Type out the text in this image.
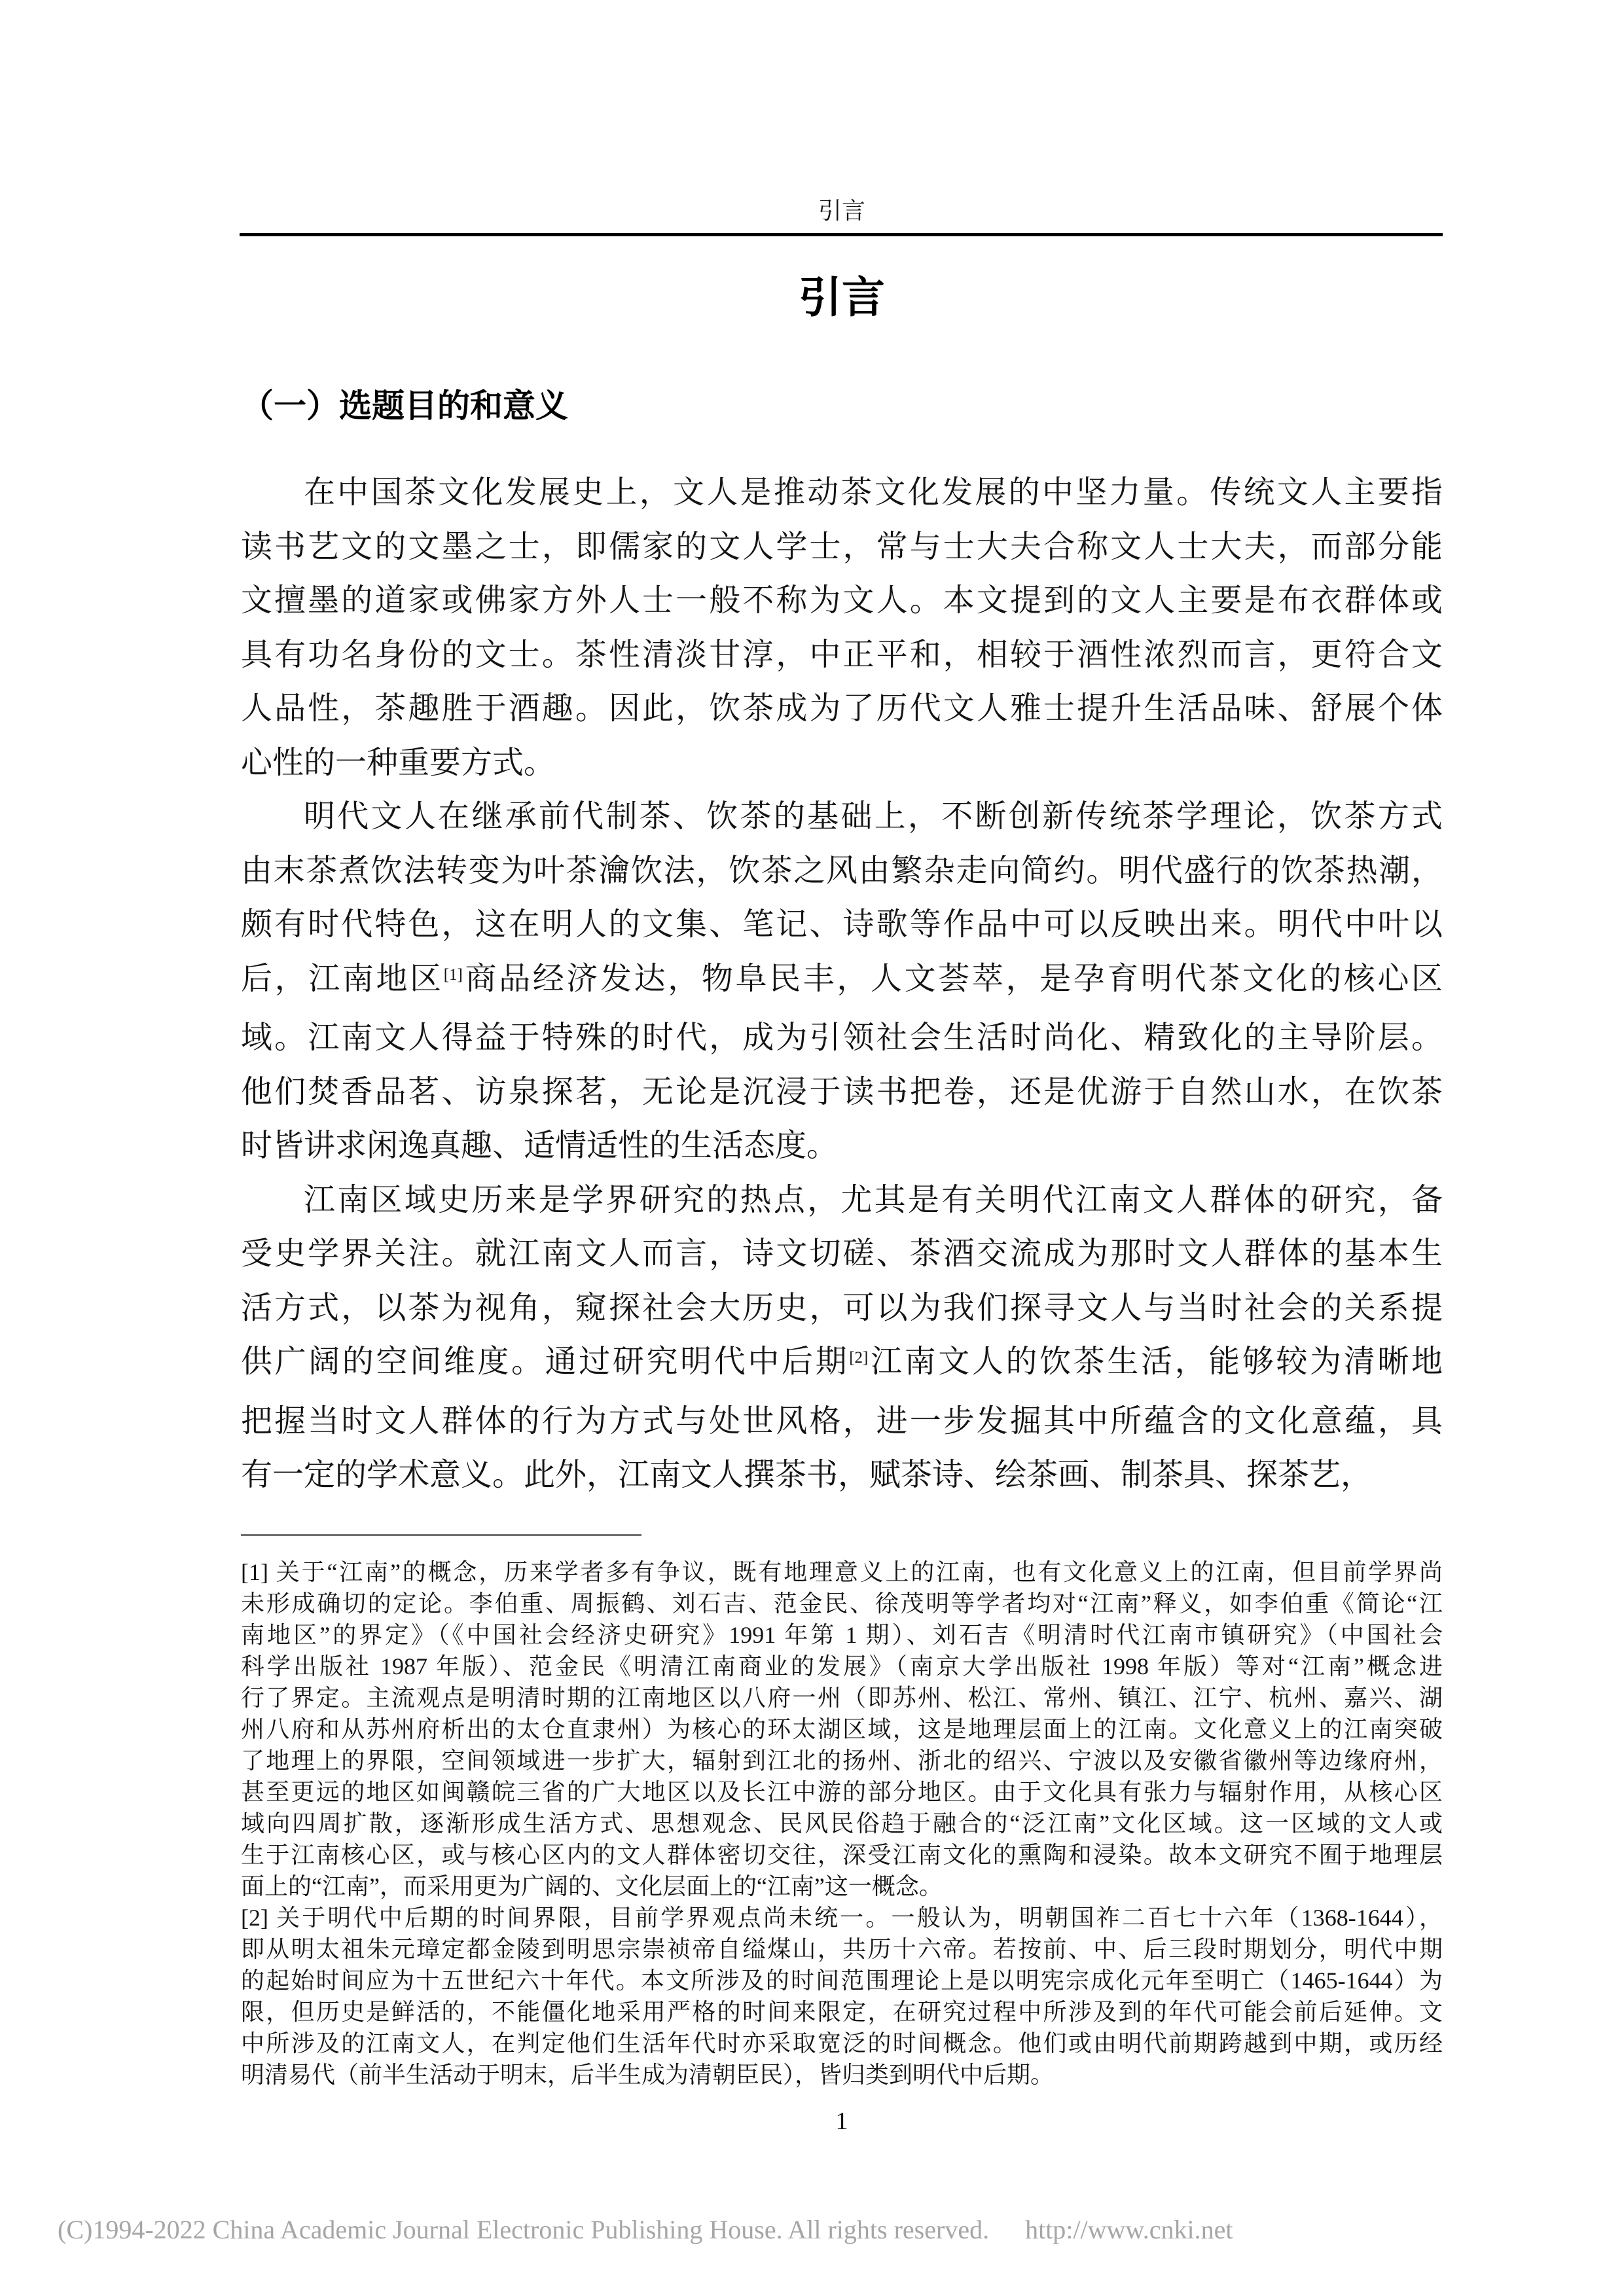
引言
引言
（一）选题目的和意义
在中国茶文化发展史上，文人是推动茶文化发展的中坚力量。传统文人主要指
读书艺文的文墨之士，即儒家的文人学士，常与士大夫合称文人士大夫，而部分能
文擅墨的道家或佛家方外人士一般不称为文人。本文提到的文人主要是布衣群体或
具有功名身份的文士。茶性清淡甘淳，中正平和，相较于酒性浓烈而言，更符合文
人品性，茶趣胜于酒趣。因此，饮茶成为了历代文人雅士提升生活品味、舒展个体
心性的一种重要方式。
明代文人在继承前代制茶、饮茶的基础上，不断创新传统茶学理论，饮茶方式
由末茶煮饮法转变为叶茶瀹饮法，饮茶之风由繁杂走向简约。明代盛行的饮茶热潮，
颇有时代特色，这在明人的文集、笔记、诗歌等作品中可以反映出来。明代中叶以
后，江南地区[1]商品经济发达，物阜民丰，人文荟萃，是孕育明代茶文化的核心区
域。江南文人得益于特殊的时代，成为引领社会生活时尚化、精致化的主导阶层。
他们焚香品茗、访泉探茗，无论是沉浸于读书把卷，还是优游于自然山水，在饮茶
时皆讲求闲逸真趣、适情适性的生活态度。
江南区域史历来是学界研究的热点，尤其是有关明代江南文人群体的研究，备
受史学界关注。就江南文人而言，诗文切磋、茶酒交流成为那时文人群体的基本生
活方式，以茶为视角，窥探社会大历史，可以为我们探寻文人与当时社会的关系提
供广阔的空间维度。通过研究明代中后期[2]江南文人的饮茶生活，能够较为清晰地
把握当时文人群体的行为方式与处世风格，进一步发掘其中所蕴含的文化意蕴，具
有一定的学术意义。此外，江南文人撰茶书，赋茶诗、绘茶画、制茶具、探茶艺，
[1] 关于“江南”的概念，历来学者多有争议，既有地理意义上的江南，也有文化意义上的江南，但目前学界尚
未形成确切的定论。李伯重、周振鹤、刘石吉、范金民、徐茂明等学者均对“江南”释义，如李伯重《简论“江
南地区”的界定》（《中国社会经济史研究》1991 年第 1 期）、刘石吉《明清时代江南市镇研究》（中国社会
科学出版社 1987 年版）、范金民《明清江南商业的发展》（南京大学出版社 1998 年版）等对“江南”概念进
行了界定。主流观点是明清时期的江南地区以八府一州（即苏州、松江、常州、镇江、江宁、杭州、嘉兴、湖
州八府和从苏州府析出的太仓直隶州）为核心的环太湖区域，这是地理层面上的江南。文化意义上的江南突破
了地理上的界限，空间领域进一步扩大，辐射到江北的扬州、浙北的绍兴、宁波以及安徽省徽州等边缘府州，
甚至更远的地区如闽赣皖三省的广大地区以及长江中游的部分地区。由于文化具有张力与辐射作用，从核心区
域向四周扩散，逐渐形成生活方式、思想观念、民风民俗趋于融合的“泛江南”文化区域。这一区域的文人或
生于江南核心区，或与核心区内的文人群体密切交往，深受江南文化的熏陶和浸染。故本文研究不囿于地理层
面上的“江南”，而采用更为广阔的、文化层面上的“江南”这一概念。
[2] 关于明代中后期的时间界限，目前学界观点尚未统一。一般认为，明朝国祚二百七十六年（1368-1644），
即从明太祖朱元璋定都金陵到明思宗崇祯帝自缢煤山，共历十六帝。若按前、中、后三段时期划分，明代中期
的起始时间应为十五世纪六十年代。本文所涉及的时间范围理论上是以明宪宗成化元年至明亡（1465-1644）为
限，但历史是鲜活的，不能僵化地采用严格的时间来限定，在研究过程中所涉及到的年代可能会前后延伸。文
中所涉及的江南文人，在判定他们生活年代时亦采取宽泛的时间概念。他们或由明代前期跨越到中期，或历经
明清易代（前半生活动于明末，后半生成为清朝臣民），皆归类到明代中后期。
1
(C)1994-2022 China Academic Journal Electronic Publishing House. All rights reserved. http://www.cnki.net
